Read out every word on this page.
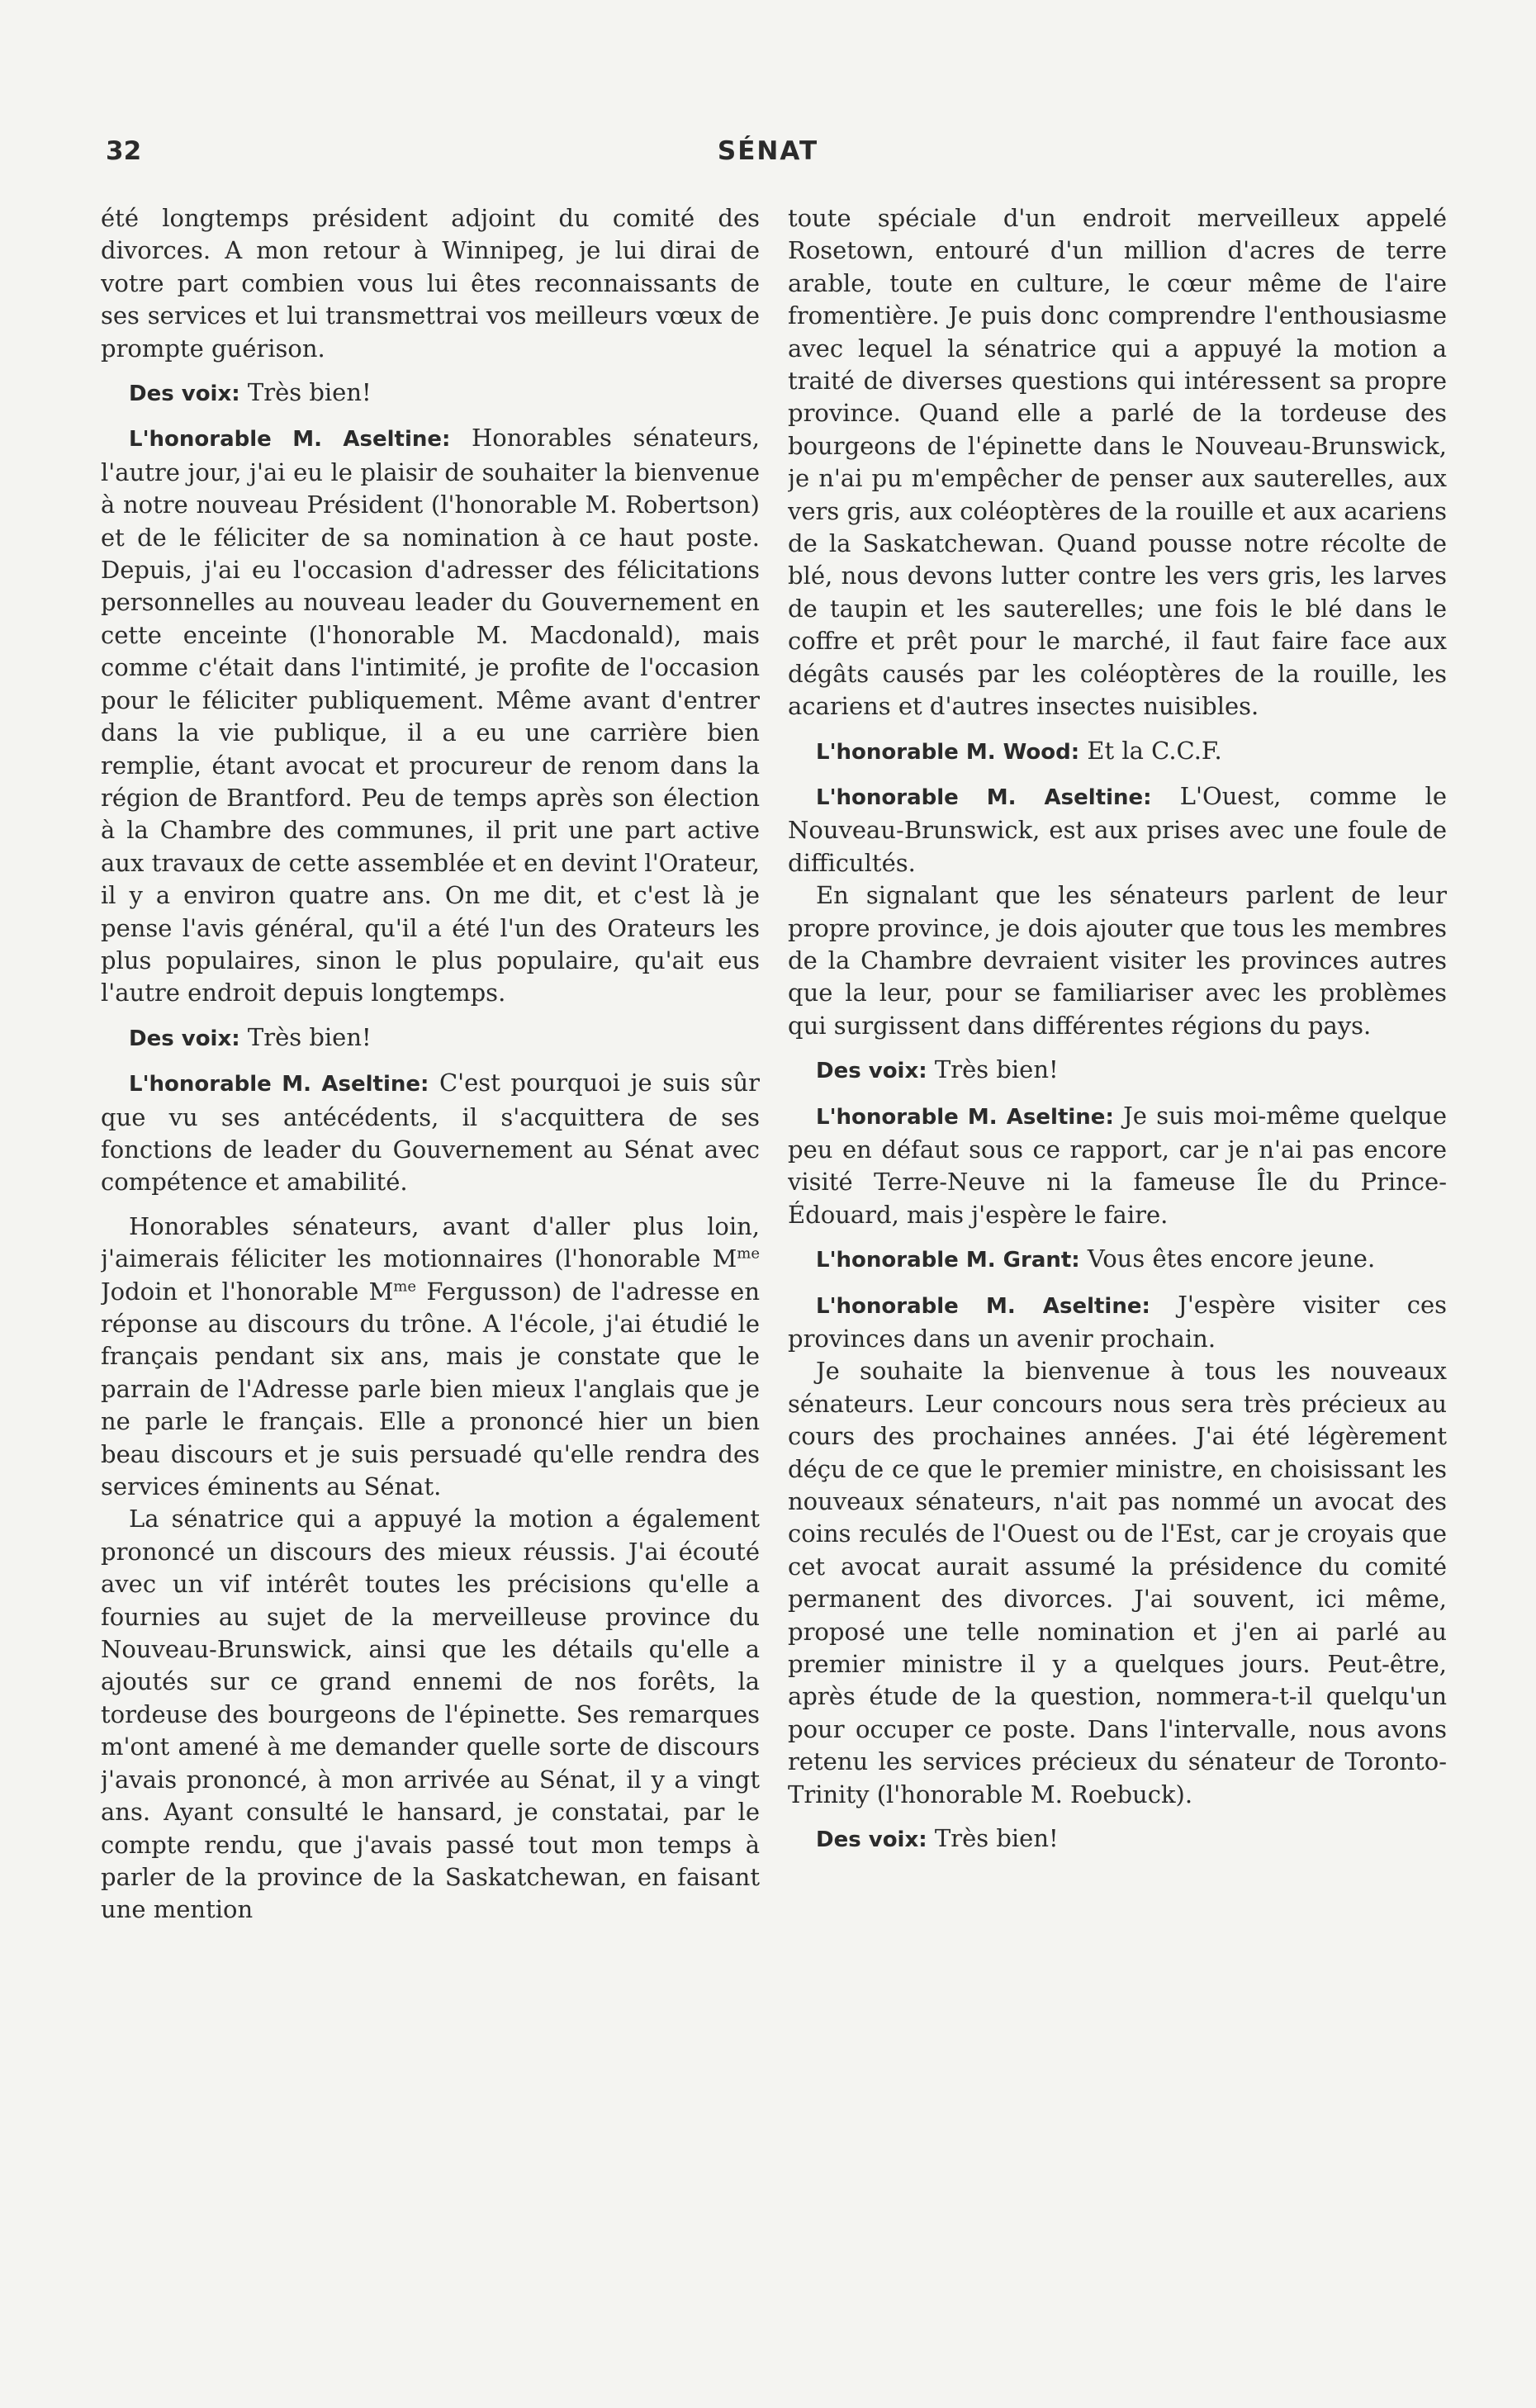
32	SÉNAT

été longtemps président adjoint du comité des divorces. A mon retour à Winnipeg, je lui dirai de votre part combien vous lui êtes reconnaissants de ses services et lui transmettrai vos meilleurs vœux de prompte guérison.

Des voix: Très bien!

L'honorable M. Aseltine: Honorables sénateurs, l'autre jour, j'ai eu le plaisir de souhaiter la bienvenue à notre nouveau Président (l'honorable M. Robertson) et de le féliciter de sa nomination à ce haut poste. Depuis, j'ai eu l'occasion d'adresser des félicitations personnelles au nouveau leader du Gouvernement en cette enceinte (l'honorable M. Macdonald), mais comme c'était dans l'intimité, je profite de l'occasion pour le féliciter publiquement. Même avant d'entrer dans la vie publique, il a eu une carrière bien remplie, étant avocat et procureur de renom dans la région de Brantford. Peu de temps après son élection à la Chambre des communes, il prit une part active aux travaux de cette assemblée et en devint l'Orateur, il y a environ quatre ans. On me dit, et c'est là je pense l'avis général, qu'il a été l'un des Orateurs les plus populaires, sinon le plus populaire, qu'ait eus l'autre endroit depuis longtemps.

Des voix: Très bien!

L'honorable M. Aseltine: C'est pourquoi je suis sûr que vu ses antécédents, il s'acquittera de ses fonctions de leader du Gouvernement au Sénat avec compétence et amabilité.

Honorables sénateurs, avant d'aller plus loin, j'aimerais féliciter les motionnaires (l'honorable $M^{me}$ Jodoin et l'honorable $M^{me}$ Fergusson) de l'adresse en réponse au discours du trône. A l'école, j'ai étudié le français pendant six ans, mais je constate que le parrain de l'Adresse parle bien mieux l'anglais que je ne parle le français. Elle a prononcé hier un bien beau discours et je suis persuadé qu'elle rendra des services éminents au Sénat.

La sénatrice qui a appuyé la motion a également prononcé un discours des mieux réussis. J'ai écouté avec un vif intérêt toutes les précisions qu'elle a fournies au sujet de la merveilleuse province du Nouveau-Brunswick, ainsi que les détails qu'elle a ajoutés sur ce grand ennemi de nos forêts, la tordeuse des bourgeons de l'épinette. Ses remarques m'ont amené à me demander quelle sorte de discours j'avais prononcé, à mon arrivée au Sénat, il y a vingt ans. Ayant consulté le hansard, je constatai, par le compte rendu, que j'avais passé tout mon temps à parler de la province de la Saskatchewan, en faisant une mention

toute spéciale d'un endroit merveilleux appelé Rosetown, entouré d'un million d'acres de terre arable, toute en culture, le cœur même de l'aire fromentière. Je puis donc comprendre l'enthousiasme avec lequel la sénatrice qui a appuyé la motion a traité de diverses questions qui intéressent sa propre province. Quand elle a parlé de la tordeuse des bourgeons de l'épinette dans le Nouveau-Brunswick, je n'ai pu m'empêcher de penser aux sauterelles, aux vers gris, aux coléoptères de la rouille et aux acariens de la Saskatchewan. Quand pousse notre récolte de blé, nous devons lutter contre les vers gris, les larves de taupin et les sauterelles; une fois le blé dans le coffre et prêt pour le marché, il faut faire face aux dégâts causés par les coléoptères de la rouille, les acariens et d'autres insectes nuisibles.

L'honorable M. Wood: Et la C.C.F.

L'honorable M. Aseltine: L'Ouest, comme le Nouveau-Brunswick, est aux prises avec une foule de difficultés.

En signalant que les sénateurs parlent de leur propre province, je dois ajouter que tous les membres de la Chambre devraient visiter les provinces autres que la leur, pour se familiariser avec les problèmes qui surgissent dans différentes régions du pays.

Des voix: Très bien!

L'honorable M. Aseltine: Je suis moi-même quelque peu en défaut sous ce rapport, car je n'ai pas encore visité Terre-Neuve ni la fameuse Île du Prince-Édouard, mais j'espère le faire.

L'honorable M. Grant: Vous êtes encore jeune.

L'honorable M. Aseltine: J'espère visiter ces provinces dans un avenir prochain.

Je souhaite la bienvenue à tous les nouveaux sénateurs. Leur concours nous sera très précieux au cours des prochaines années. J'ai été légèrement déçu de ce que le premier ministre, en choisissant les nouveaux sénateurs, n'ait pas nommé un avocat des coins reculés de l'Ouest ou de l'Est, car je croyais que cet avocat aurait assumé la présidence du comité permanent des divorces. J'ai souvent, ici même, proposé une telle nomination et j'en ai parlé au premier ministre il y a quelques jours. Peut-être, après étude de la question, nommera-t-il quelqu'un pour occuper ce poste. Dans l'intervalle, nous avons retenu les services précieux du sénateur de Toronto-Trinity (l'honorable M. Roebuck).

Des voix: Très bien!
